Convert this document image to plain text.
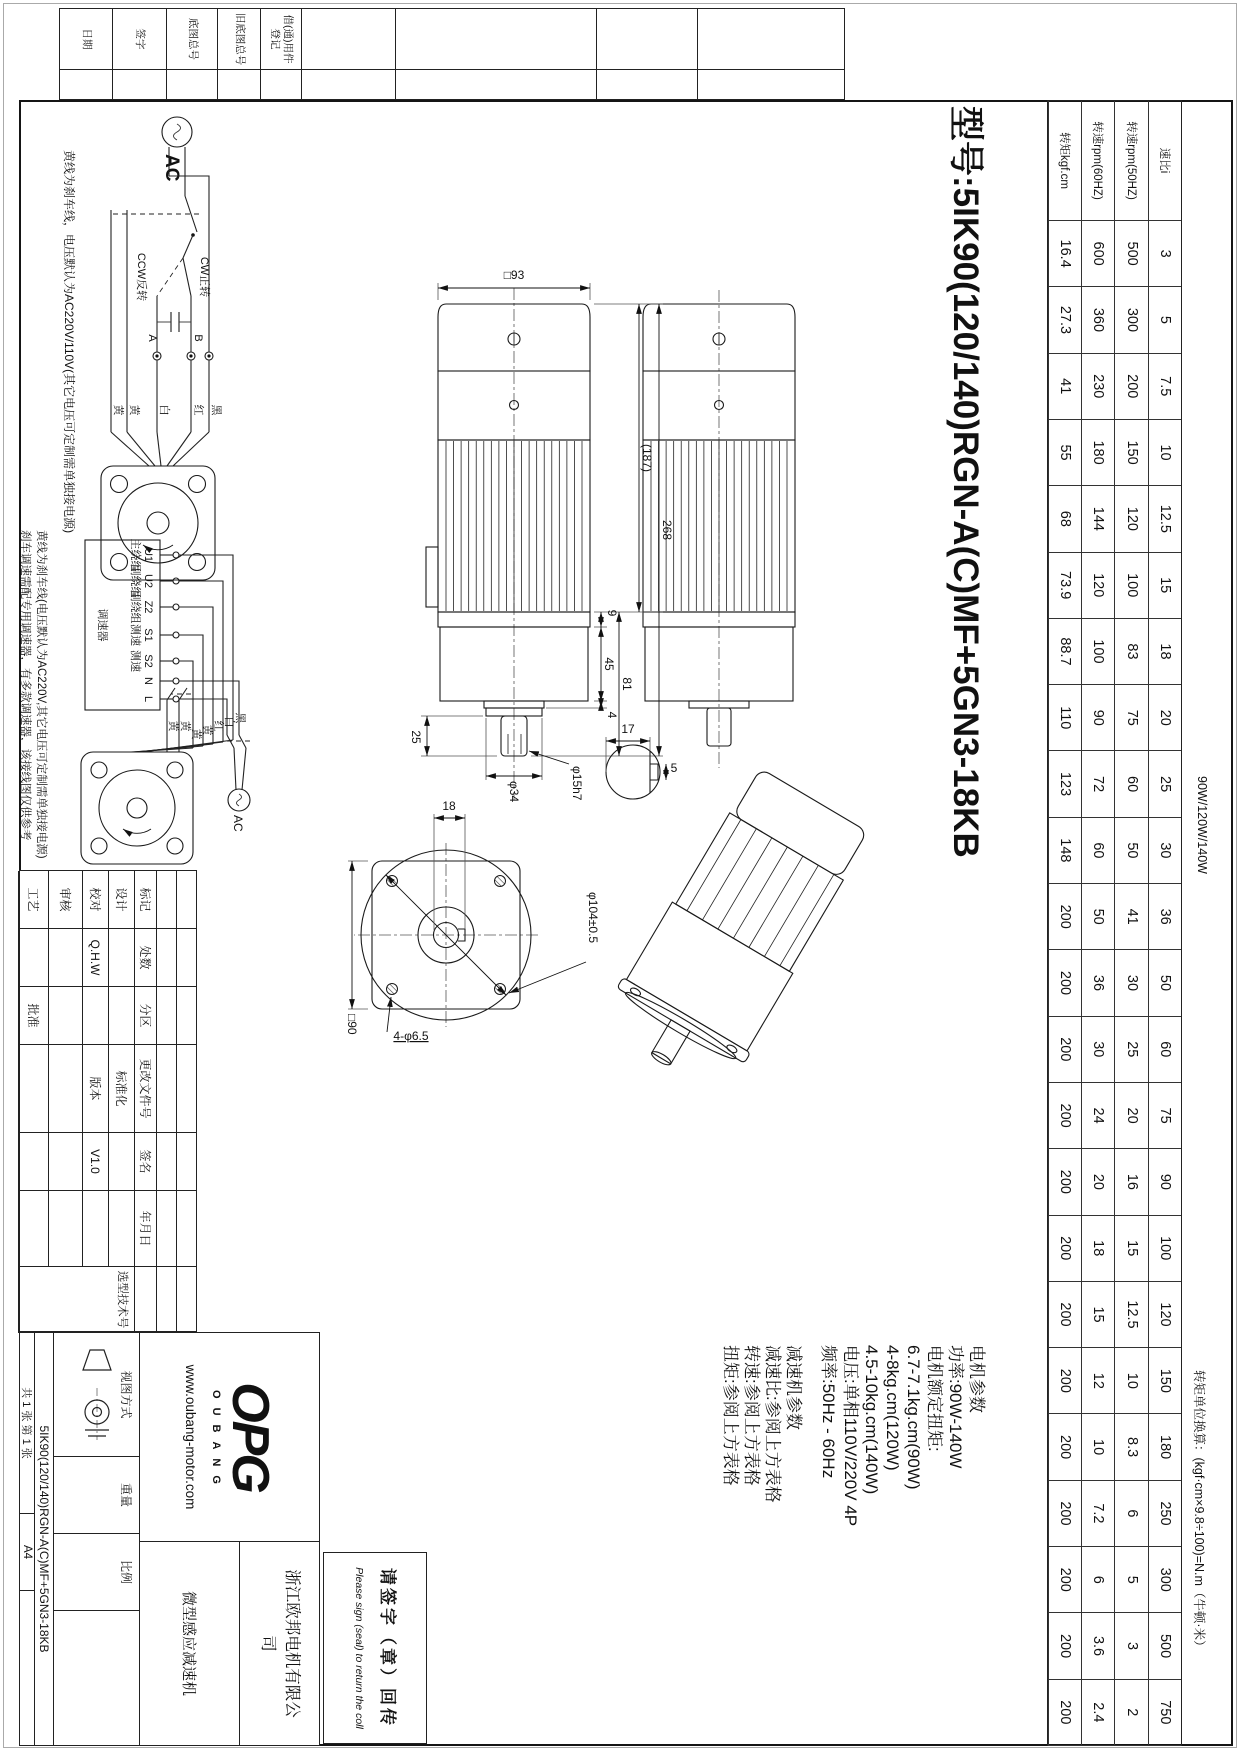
90W/120W/140W
转矩单位换算：(kgf·cm×9.8÷100)=N.m（牛顿·米）
速比i
3
5
7.5
10
12.5
15
18
20
25
30
36
50
60
75
90
100
120
150
180
250
300
500
750
转速rpm(50HZ)
500
300
200
150
120
100
83
75
60
50
41
30
25
20
16
15
12.5
10
8.3
6
5
3
2
转速rpm(60HZ)
600
360
230
180
144
120
100
90
72
60
50
36
30
24
20
18
15
12
10
7.2
6
3.6
2.4
转矩kgf.cm
16.4
27.3
41
55
68
73.9
88.7
110
123
148
200
200
200
200
200
200
200
200
200
200
200
200
200
型号:5IK90(120/140)RGN-A(C)MF+5GN3-18KB

电机参数

功率:90W-140W

电机额定扭矩:

6.7-7.1kg.cm(90W)

4-8kg.cm(120W)

4.5-10kg.cm(140W)

电压:单相110V/220V 4P

频率:50Hz - 60Hz

减速机参数

减速比:参阅上方表格

转速:参阅上方表格

扭矩:参阅上方表格

借(通)用件登记
旧底图总号
底图总号
签字
日期
9
45
4
81
(187)
268
□93
25
φ34	φ15h7
17
5
φ104±0.5
18
□90
4-φ6.5
AC
CW正转
CCW反转
B
A
黑
红
白
黄
黄
黄线为刹车线，电压默认为AC220V/110V(其它电压可定制需单独接电源)
调速器
U1
U2
Z2
S1
S2
N
L
主绕组
副绕组
副绕组
测速
测速
黑
白
红
黄
黄
AC
黄
黄
黄线为刹车线(电压默认为AC220V,其它电压可定制需单独接电源)
刹车调速需配专用调速器，有多款调速器，该接线图仅供参考
请签字（章）回传
Please sign (seal) to return the coll
标记
处数
分区
更改文件号
签名
年月日
设计
标准化
选型技术号
校对
Q.H.W
版本
V1.0
审核
工艺
批准
OPG
OUBANG
www.oubang-motor.com
浙江欧邦电机有限公司
微型感应减速机
视图方式
重量
比例
5IK90(120/140)RGN-A(C)MF+5GN3-18KB
共 1 张 第 1 张
A4
